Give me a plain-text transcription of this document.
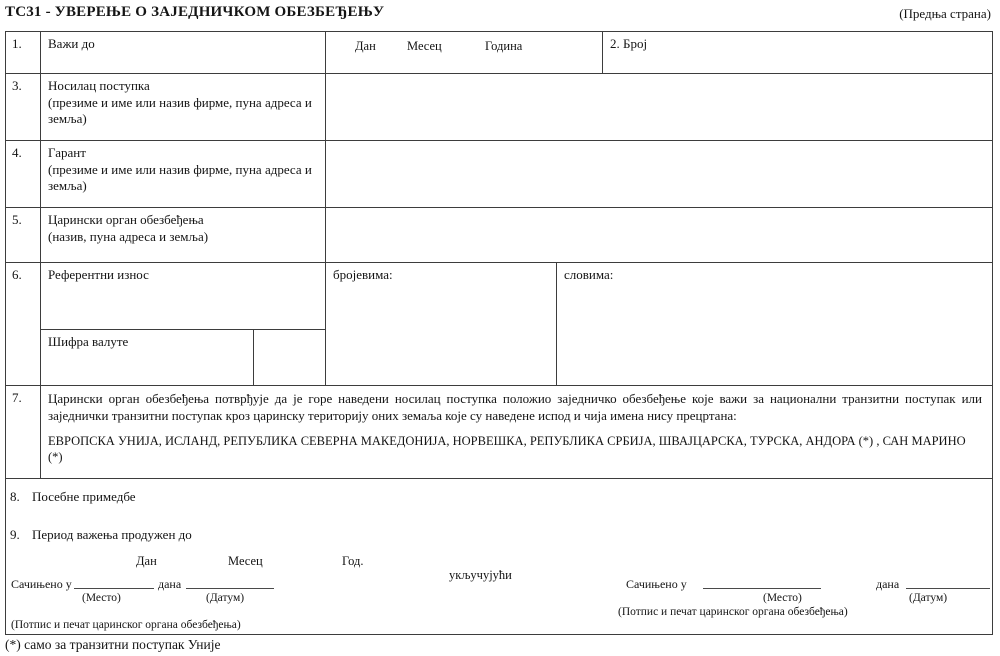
ТС31 - УВЕРЕЊЕ О ЗАЈЕДНИЧКОМ ОБЕЗБЕЂЕЊУ	(Предња страна)
1.	Важи до	Дан Месец	Година	2. Број
3.	Носилац поступка
(презиме и име или назив фирме, пуна адреса и земља)
4.	Гарант
(презиме и име или назив фирме, пуна адреса и земља)
5.	Царински орган обезбеђења
(назив, пуна адреса и земља)
6.	Референтни износ
Шифра валуте
бројевима:	словима:
7.	Царински орган обезбеђења потврђује да је горе наведени носилац поступка положио заједничко обезбеђење које важи за национални транзитни поступак или заједнички транзитни поступак кроз царинску територију оних земаља које су наведене испод и чија имена нису прецртана:

ЕВРОПСКА УНИЈА, ИСЛАНД, РЕПУБЛИКА СЕВЕРНА МАКЕДОНИЈА, НОРВЕШКА, РЕПУБЛИКА СРБИЈА, ШВАЈЦАРСКА, ТУРСКА, АНДОРА (*) , САН МАРИНО (*)

8. Посебне примедбе
9. Период важења продужен до
Дан	Месец	Год.
укључујући
Сачињено у	дана
(Место)	(Датум)
(Потпис и печат царинског органа обезбеђења)
Сачињено у	дана
(Место)	(Датум)
(Потпис и печат царинског органа обезбеђења)
(*) само за транзитни поступак Уније
